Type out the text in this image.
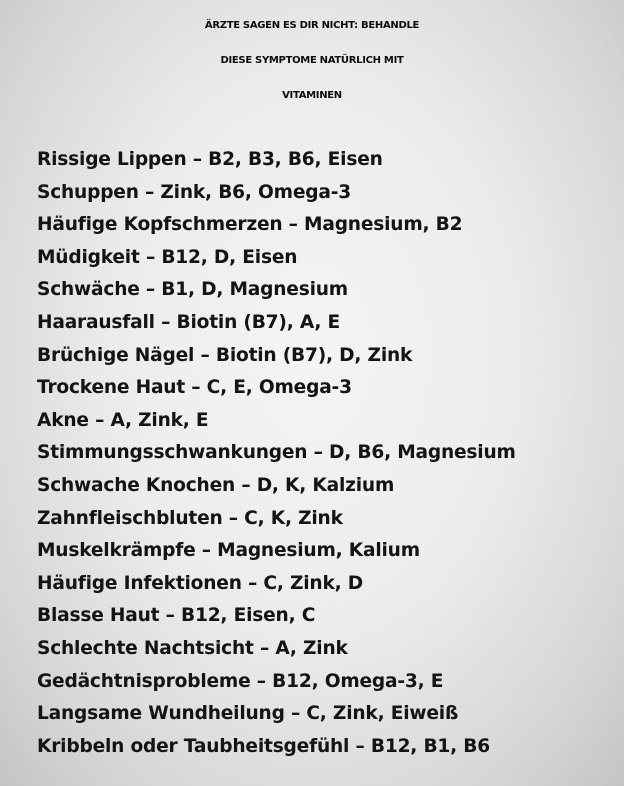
ÄRZTE SAGEN ES DIR NICHT: BEHANDLE
DIESE SYMPTOME NATÜRLICH MIT
VITAMINEN
Rissige Lippen – B2, B3, B6, Eisen
Schuppen – Zink, B6, Omega-3
Häufige Kopfschmerzen – Magnesium, B2
Müdigkeit – B12, D, Eisen
Schwäche – B1, D, Magnesium
Haarausfall – Biotin (B7), A, E
Brüchige Nägel – Biotin (B7), D, Zink
Trockene Haut – C, E, Omega-3
Akne – A, Zink, E
Stimmungsschwankungen – D, B6, Magnesium
Schwache Knochen – D, K, Kalzium
Zahnfleischbluten – C, K, Zink
Muskelkrämpfe – Magnesium, Kalium
Häufige Infektionen – C, Zink, D
Blasse Haut – B12, Eisen, C
Schlechte Nachtsicht – A, Zink
Gedächtnisprobleme – B12, Omega-3, E
Langsame Wundheilung – C, Zink, Eiweiß
Kribbeln oder Taubheitsgefühl – B12, B1, B6
